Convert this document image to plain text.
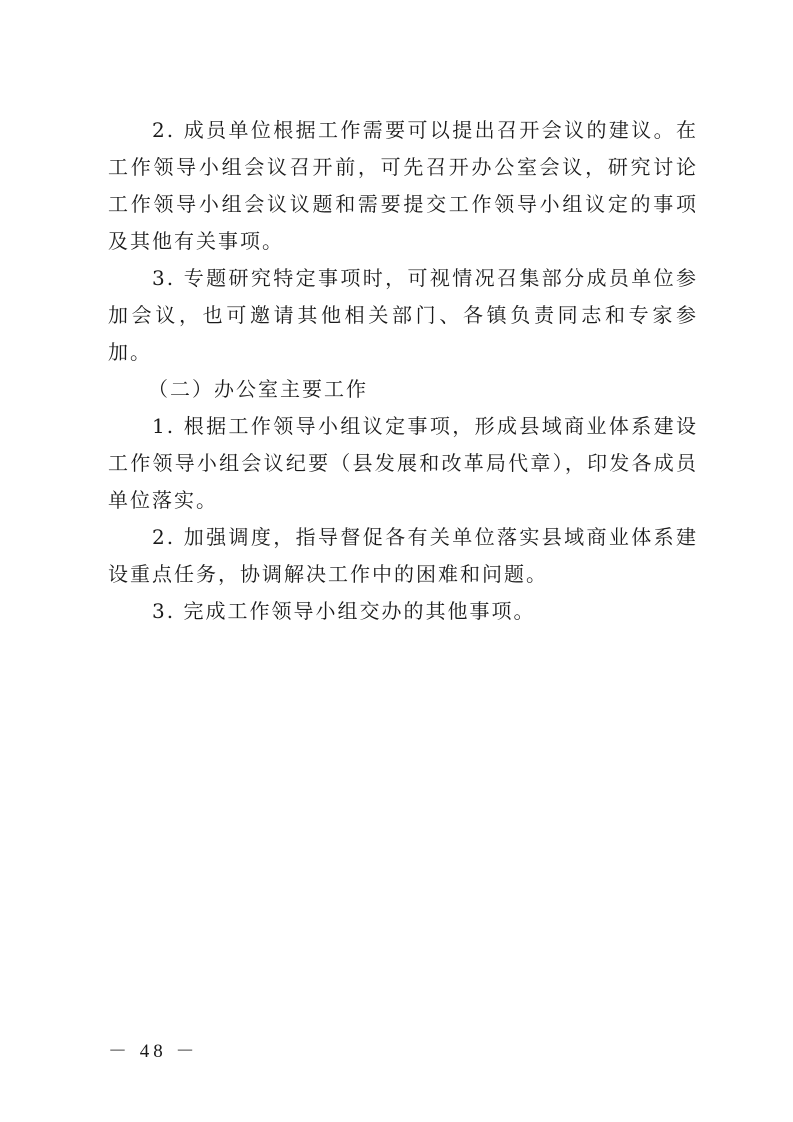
2. 成员单位根据工作需要可以提出召开会议的建议。在工作领导小组会议召开前，可先召开办公室会议，研究讨论工作领导小组会议议题和需要提交工作领导小组议定的事项及其他有关事项。

3. 专题研究特定事项时，可视情况召集部分成员单位参加会议，也可邀请其他相关部门、各镇负责同志和专家参加。

（二）办公室主要工作

1. 根据工作领导小组议定事项，形成县域商业体系建设工作领导小组会议纪要（县发展和改革局代章），印发各成员单位落实。

2. 加强调度，指导督促各有关单位落实县域商业体系建设重点任务，协调解决工作中的困难和问题。

3. 完成工作领导小组交办的其他事项。

－ 48 －
